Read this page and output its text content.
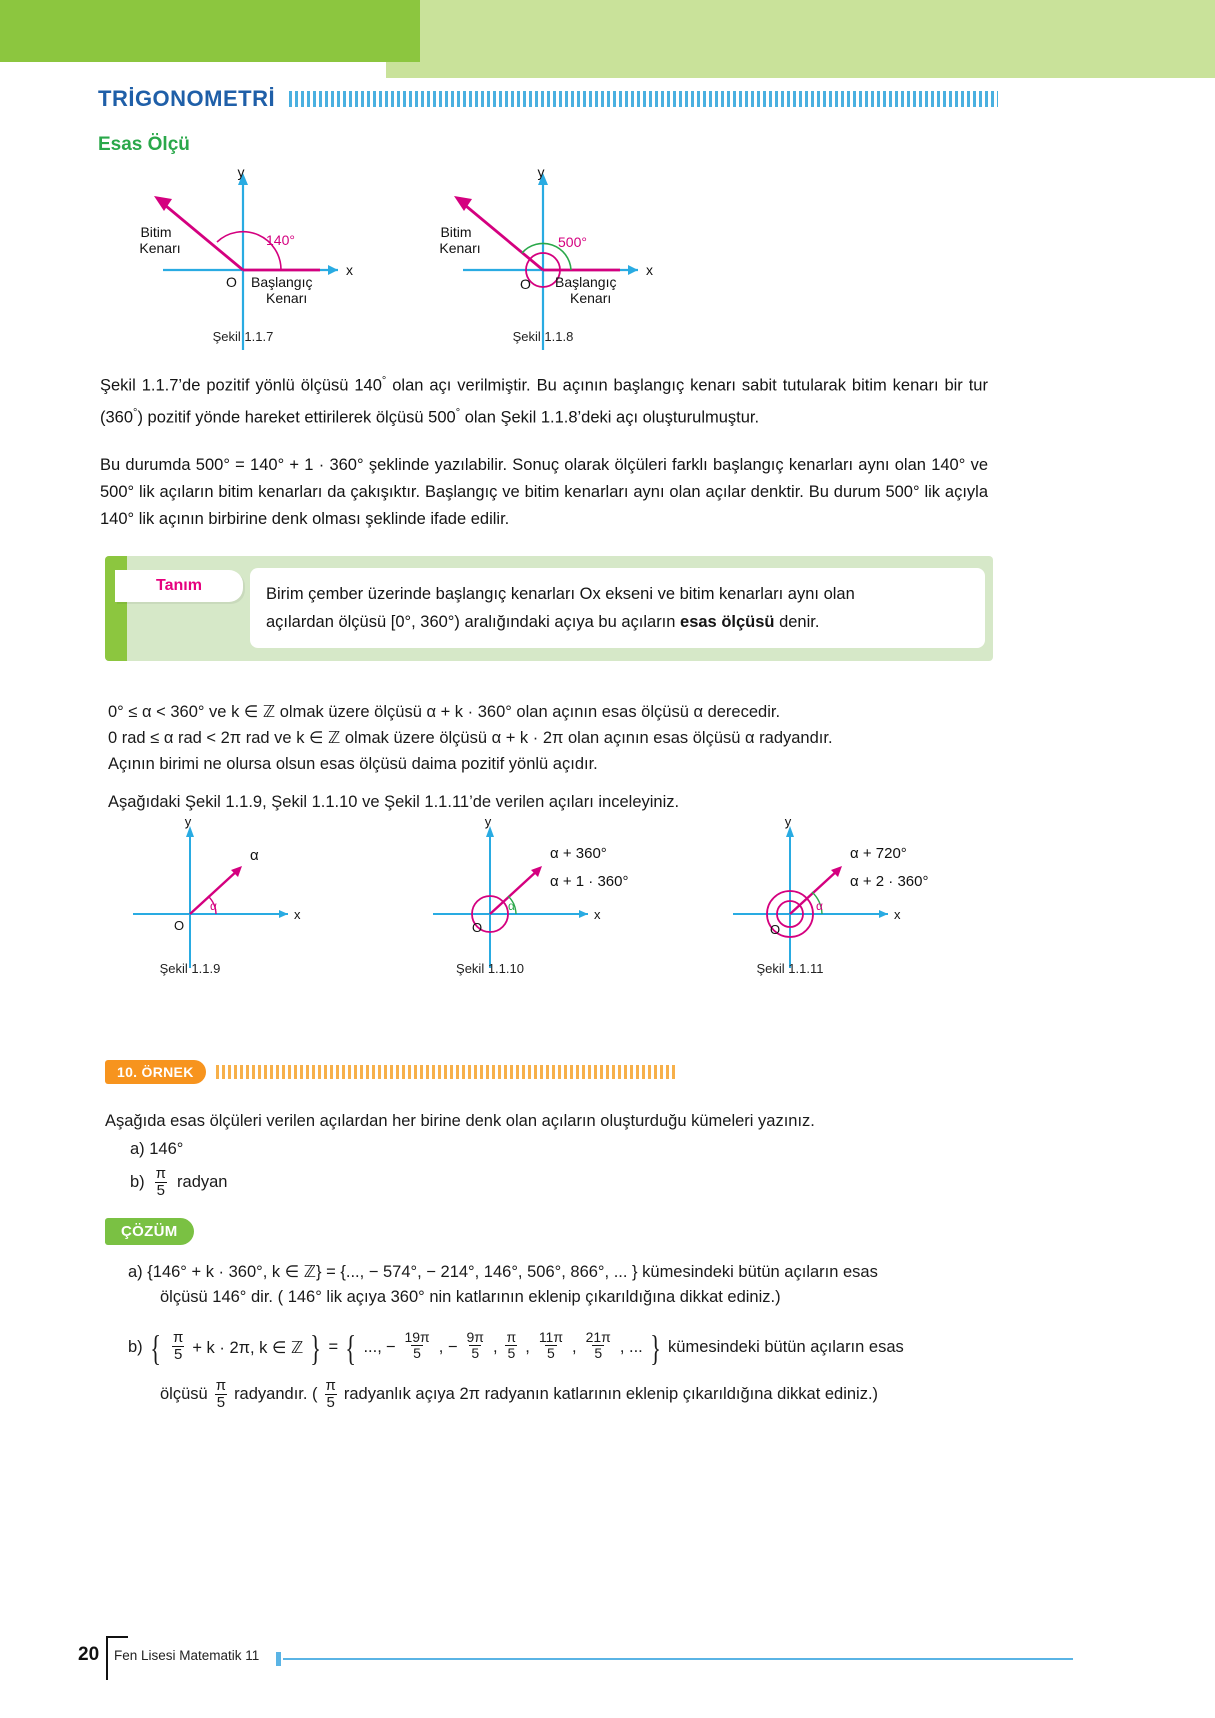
TRİGONOMETRİ
Esas Ölçü
y
x
140°
O Başlangıç
Kenarı
Bitim
Kenarı
Şekil 1.1.7
y
x
500°
O Başlangıç
Kenarı
Bitim
Kenarı
Şekil 1.1.8
Şekil 1.1.7’de pozitif yönlü ölçüsü 140° olan açı verilmiştir. Bu açının başlangıç kenarı sabit tutularak bitim kenarı bir tur (360°) pozitif yönde hareket ettirilerek ölçüsü 500° olan Şekil 1.1.8’deki açı oluşturulmuştur.
Bu durumda 500° = 140° + 1 · 360° şeklinde yazılabilir. Sonuç olarak ölçüleri farklı başlangıç kenarları aynı olan 140° ve 500° lik açıların bitim kenarları da çakışıktır. Başlangıç ve bitim kenarları aynı olan açılar denktir. Bu durum 500° lik açıyla 140° lik açının birbirine denk olması şeklinde ifade edilir.
Tanım	Birim çember üzerinde başlangıç kenarları Ox ekseni ve bitim kenarları aynı olan
açılardan ölçüsü [0°, 360°) aralığındaki açıya bu açıların esas ölçüsü denir.
0° ≤ α < 360° ve k ∈ ℤ olmak üzere ölçüsü α + k · 360° olan açının esas ölçüsü α derecedir.
0 rad ≤ α rad < 2π rad ve k ∈ ℤ olmak üzere ölçüsü α + k · 2π olan açının esas ölçüsü α radyandır.
Açının birimi ne olursa olsun esas ölçüsü daima pozitif yönlü açıdır.
Aşağıdaki Şekil 1.1.9, Şekil 1.1.10 ve Şekil 1.1.11’de verilen açıları inceleyiniz.
y
x
α
O
α
Şekil 1.1.9
y
x
α
O
α + 360°
α + 1 · 360°
Şekil 1.1.10
y
x
α
O
α + 720°
α + 2 · 360°
Şekil 1.1.11
10. ÖRNEK
Aşağıda esas ölçüleri verilen açılardan her birine denk olan açıların oluşturduğu kümeleri yazınız.
a) 146°
$b) \frac{\pi}{5}$ radyan
ÇÖZÜM
a) {146° + k · 360°, k ∈ ℤ} = {..., − 574°, − 214°, 146°, 506°, 866°, ... } kümesindeki bütün açıların esas
ölçüsü 146° dir. ( 146° lik açıya 360° nin katlarının eklenip çıkarıldığına dikkat ediniz.)
b) { $\frac{\pi}{5} + k \cdot 2\pi$, k ∈ ℤ } = { ..., − $\frac{19\pi}{5}$ , − $\frac{9\pi}{5}$ , $\frac{\pi}{5}$ , $\frac{11\pi}{5}$ , $\frac{21\pi}{5}$ , ... } kümesindeki bütün açıların esas
ölçüsü $\frac{\pi}{5}$ radyandır. ( $\frac{\pi}{5}$ radyanlık açıya 2π radyanın katlarının eklenip çıkarıldığına dikkat ediniz.)
20 Fen Lisesi Matematik 11
